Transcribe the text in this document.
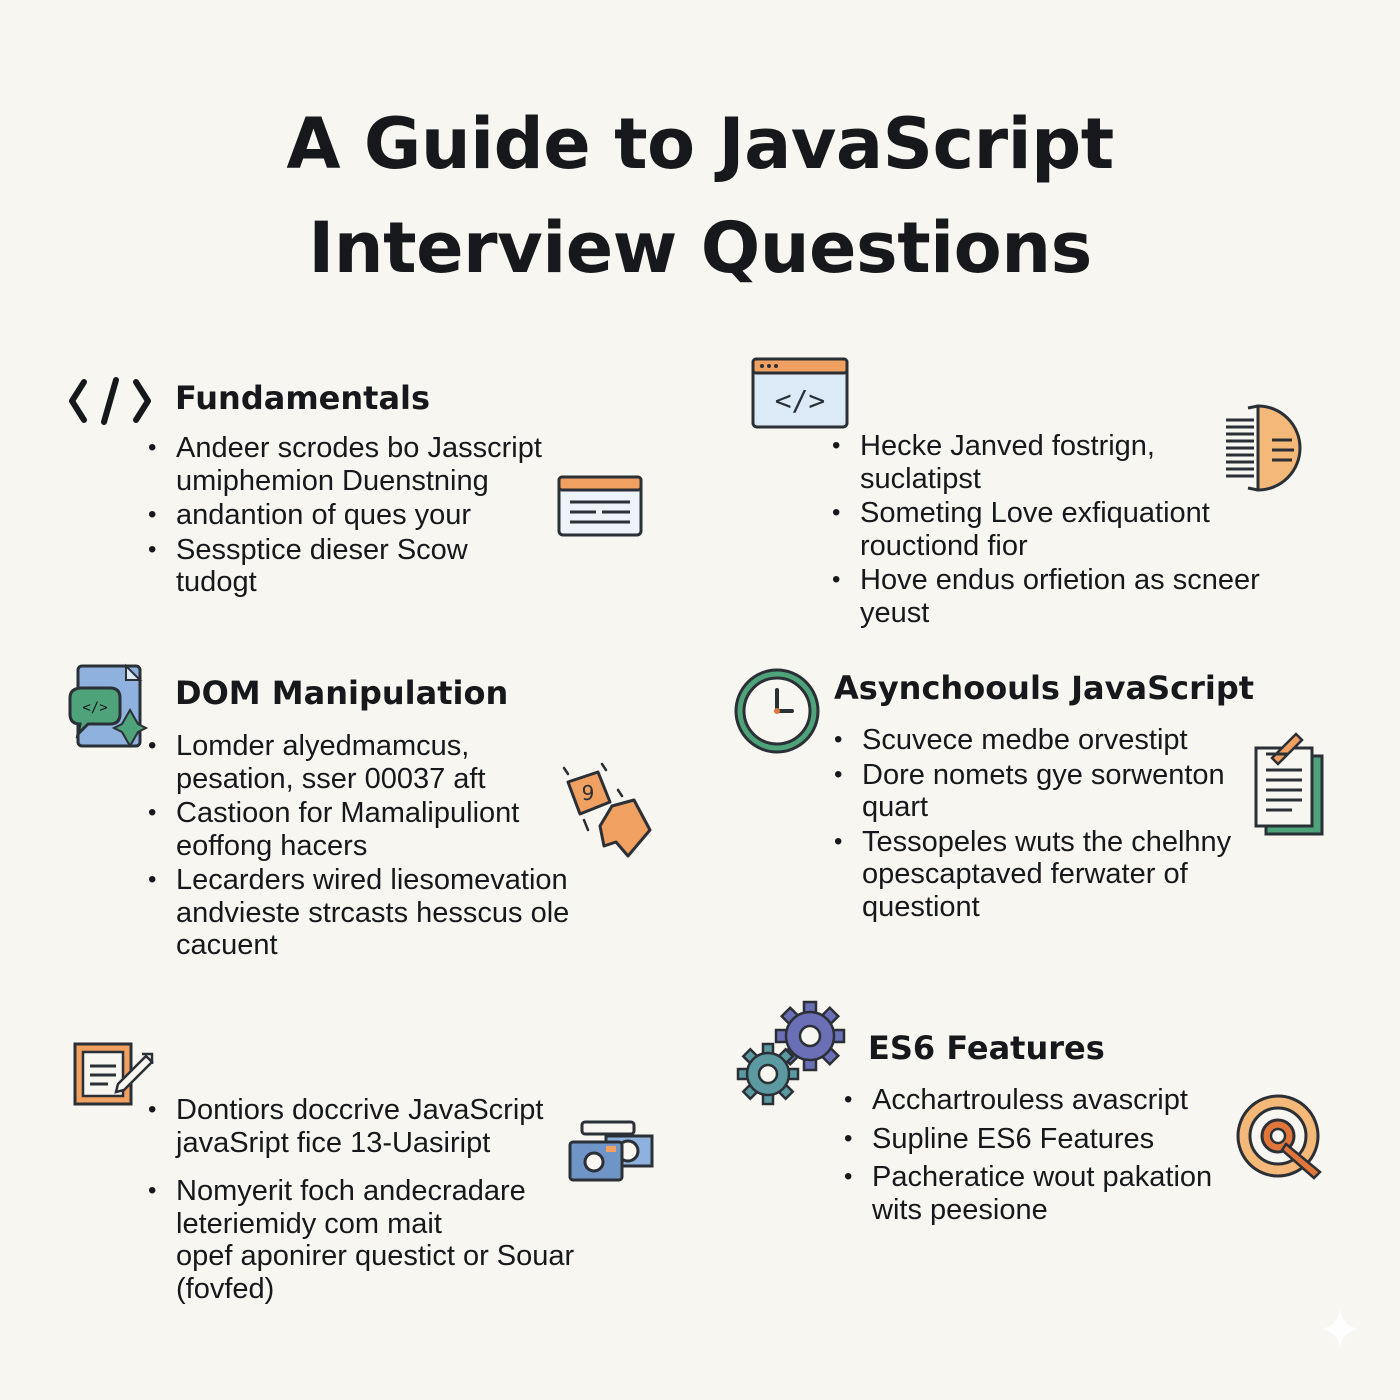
A Guide to JavaScript
Interview Questions
Fundamentals
• Andeer scrodes bo Jasscript
umiphemion Duenstning
• andantion of ques your
• Sessptice dieser Scow
tudogt
</>
• Hecke Janved fostrign,
suclatipst
• Someting Love exfiquationt
rouctiond fior
• Hove endus orfietion as scneer
yeust
</> DOM Manipulation
• Lomder alyedmamcus,
pesation, sser 00037 aft
• Castioon for Mamalipuliont
eoffong hacers
• Lecarders wired liesomevation
andvieste strcasts hesscus ole
cacuent
9
Asynchoouls JavaScript
• Scuvece medbe orvestipt
• Dore nomets gye sorwenton
quart
• Tessopeles wuts the chelhny
opescaptaved ferwater of
questiont
• Dontiors doccrive JavaScript
javaSript fice 13-Uasiript
• Nomyerit foch andecradare
leteriemidy com mait
opef aponirer questict or Souar
(fovfed)
ES6 Features
• Acchartrouless avascript
• Supline ES6 Features
• Pacheratice wout pakation
wits peesione
